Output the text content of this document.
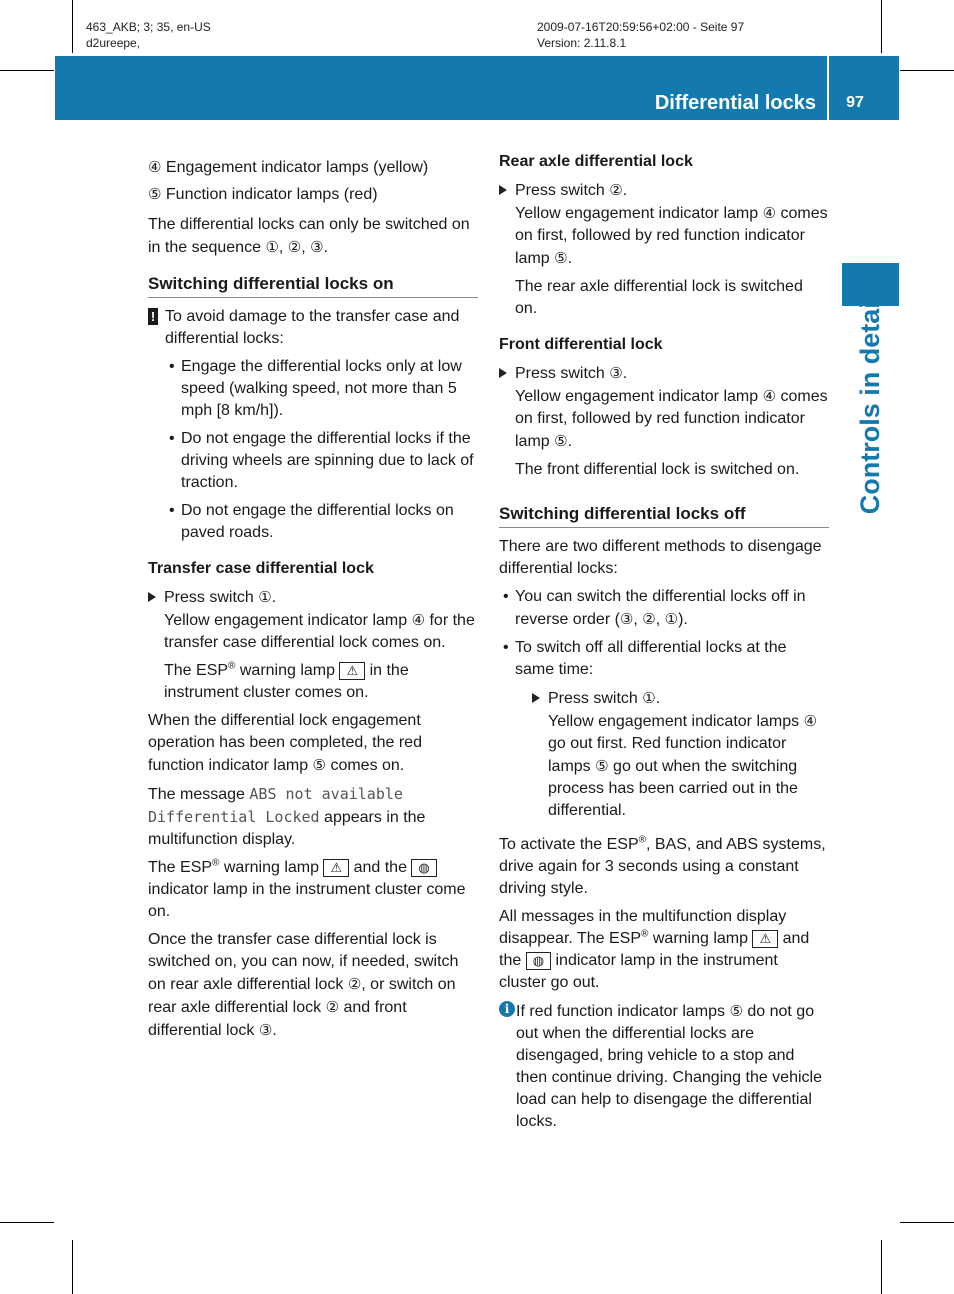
463_AKB; 3; 35, en-US
d2ureepe,
2009-07-16T20:59:56+02:00 - Seite 97
Version: 2.11.8.1
Differential locks	97
Controls in detail
④ Engagement indicator lamps (yellow)
⑤ Function indicator lamps (red)

The differential locks can only be switched on in the sequence ①, ②, ③.

Switching differential locks on
! To avoid damage to the transfer case and differential locks:
• Engage the differential locks only at low speed (walking speed, not more than 5 mph [8 km/h]).
• Do not engage the differential locks if the driving wheels are spinning due to lack of traction.
• Do not engage the differential locks on paved roads.
Transfer case differential lock
Press switch ①.
Yellow engagement indicator lamp ④ for the transfer case differential lock comes on.
The ESP® warning lamp ⚠ in the instrument cluster comes on.

When the differential lock engagement operation has been completed, the red function indicator lamp ⑤ comes on.

The message ABS not available Differential Locked appears in the multifunction display.

The ESP® warning lamp ⚠ and the ◍ indicator lamp in the instrument cluster come on.

Once the transfer case differential lock is switched on, you can now, if needed, switch on rear axle differential lock ②, or switch on rear axle differential lock ② and front differential lock ③.

Rear axle differential lock
Press switch ②.
Yellow engagement indicator lamp ④ comes on first, followed by red function indicator lamp ⑤.
The rear axle differential lock is switched on.
Front differential lock
Press switch ③.
Yellow engagement indicator lamp ④ comes on first, followed by red function indicator lamp ⑤.
The front differential lock is switched on.
Switching differential locks off

There are two different methods to disengage differential locks:

• You can switch the differential locks off in reverse order (③, ②, ①).
• To switch off all differential locks at the same time:
Press switch ①.
Yellow engagement indicator lamps ④ go out first. Red function indicator lamps ⑤ go out when the switching process has been carried out in the differential.

To activate the ESP®, BAS, and ABS systems, drive again for 3 seconds using a constant driving style.

All messages in the multifunction display disappear. The ESP® warning lamp ⚠ and the ◍ indicator lamp in the instrument cluster go out.

i If red function indicator lamps ⑤ do not go out when the differential locks are disengaged, bring vehicle to a stop and then continue driving. Changing the vehicle load can help to disengage the differential locks.
